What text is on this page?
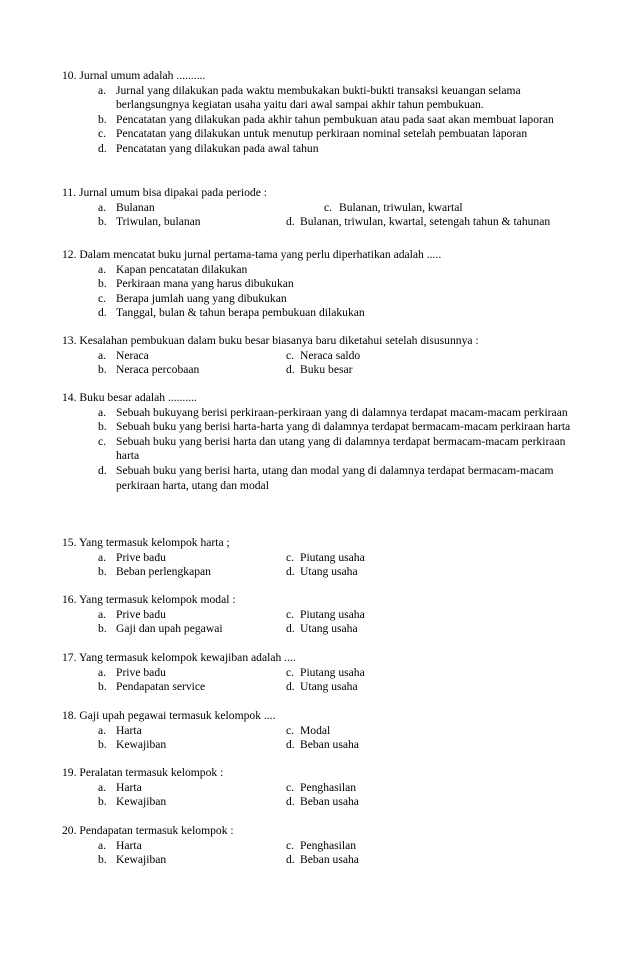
10. Jurnal umum adalah ..........
a. Jurnal yang dilakukan pada waktu membukakan bukti-bukti transaksi keuangan selama berlangsungnya kegiatan usaha yaitu dari awal sampai akhir tahun pembukuan.
b. Pencatatan yang dilakukan pada akhir tahun pembukuan atau pada saat akan membuat laporan
c. Pencatatan yang dilakukan untuk menutup perkiraan nominal setelah pembuatan laporan
d. Pencatatan yang dilakukan pada awal tahun
11. Jurnal umum bisa dipakai pada periode :
a. Bulanan	c. Bulanan, triwulan, kwartal
b. Triwulan, bulanan	d. Bulanan, triwulan, kwartal, setengah tahun & tahunan
12. Dalam mencatat buku jurnal pertama-tama yang perlu diperhatikan adalah .....
a. Kapan pencatatan dilakukan
b. Perkiraan mana yang harus dibukukan
c. Berapa jumlah uang yang dibukukan
d. Tanggal, bulan & tahun berapa pembukuan dilakukan
13. Kesalahan pembukuan dalam buku besar biasanya baru diketahui setelah disusunnya :
a. Neraca	c. Neraca saldo
b. Neraca percobaan	d. Buku besar
14. Buku besar adalah ..........
a. Sebuah bukuyang berisi perkiraan-perkiraan yang di dalamnya terdapat macam-macam perkiraan
b. Sebuah buku yang berisi harta-harta yang di dalamnya terdapat bermacam-macam perkiraan harta
c. Sebuah buku yang berisi harta dan utang yang di dalamnya terdapat bermacam-macam perkiraan harta
d. Sebuah buku yang berisi harta, utang dan modal yang di dalamnya terdapat bermacam-macam perkiraan harta, utang dan modal
15. Yang termasuk kelompok harta ;
a. Prive badu	c. Piutang usaha
b. Beban perlengkapan	d. Utang usaha
16. Yang termasuk kelompok modal :
a. Prive badu	c. Piutang usaha
b. Gaji dan upah pegawai	d. Utang usaha
17. Yang termasuk kelompok kewajiban adalah ....
a. Prive badu	c. Piutang usaha
b. Pendapatan service	d. Utang usaha
18. Gaji upah pegawai termasuk kelompok ....
a. Harta	c. Modal
b. Kewajiban	d. Beban usaha
19. Peralatan termasuk kelompok :
a. Harta	c. Penghasilan
b. Kewajiban	d. Beban usaha
20. Pendapatan termasuk kelompok :
a. Harta	c. Penghasilan
b. Kewajiban	d. Beban usaha
